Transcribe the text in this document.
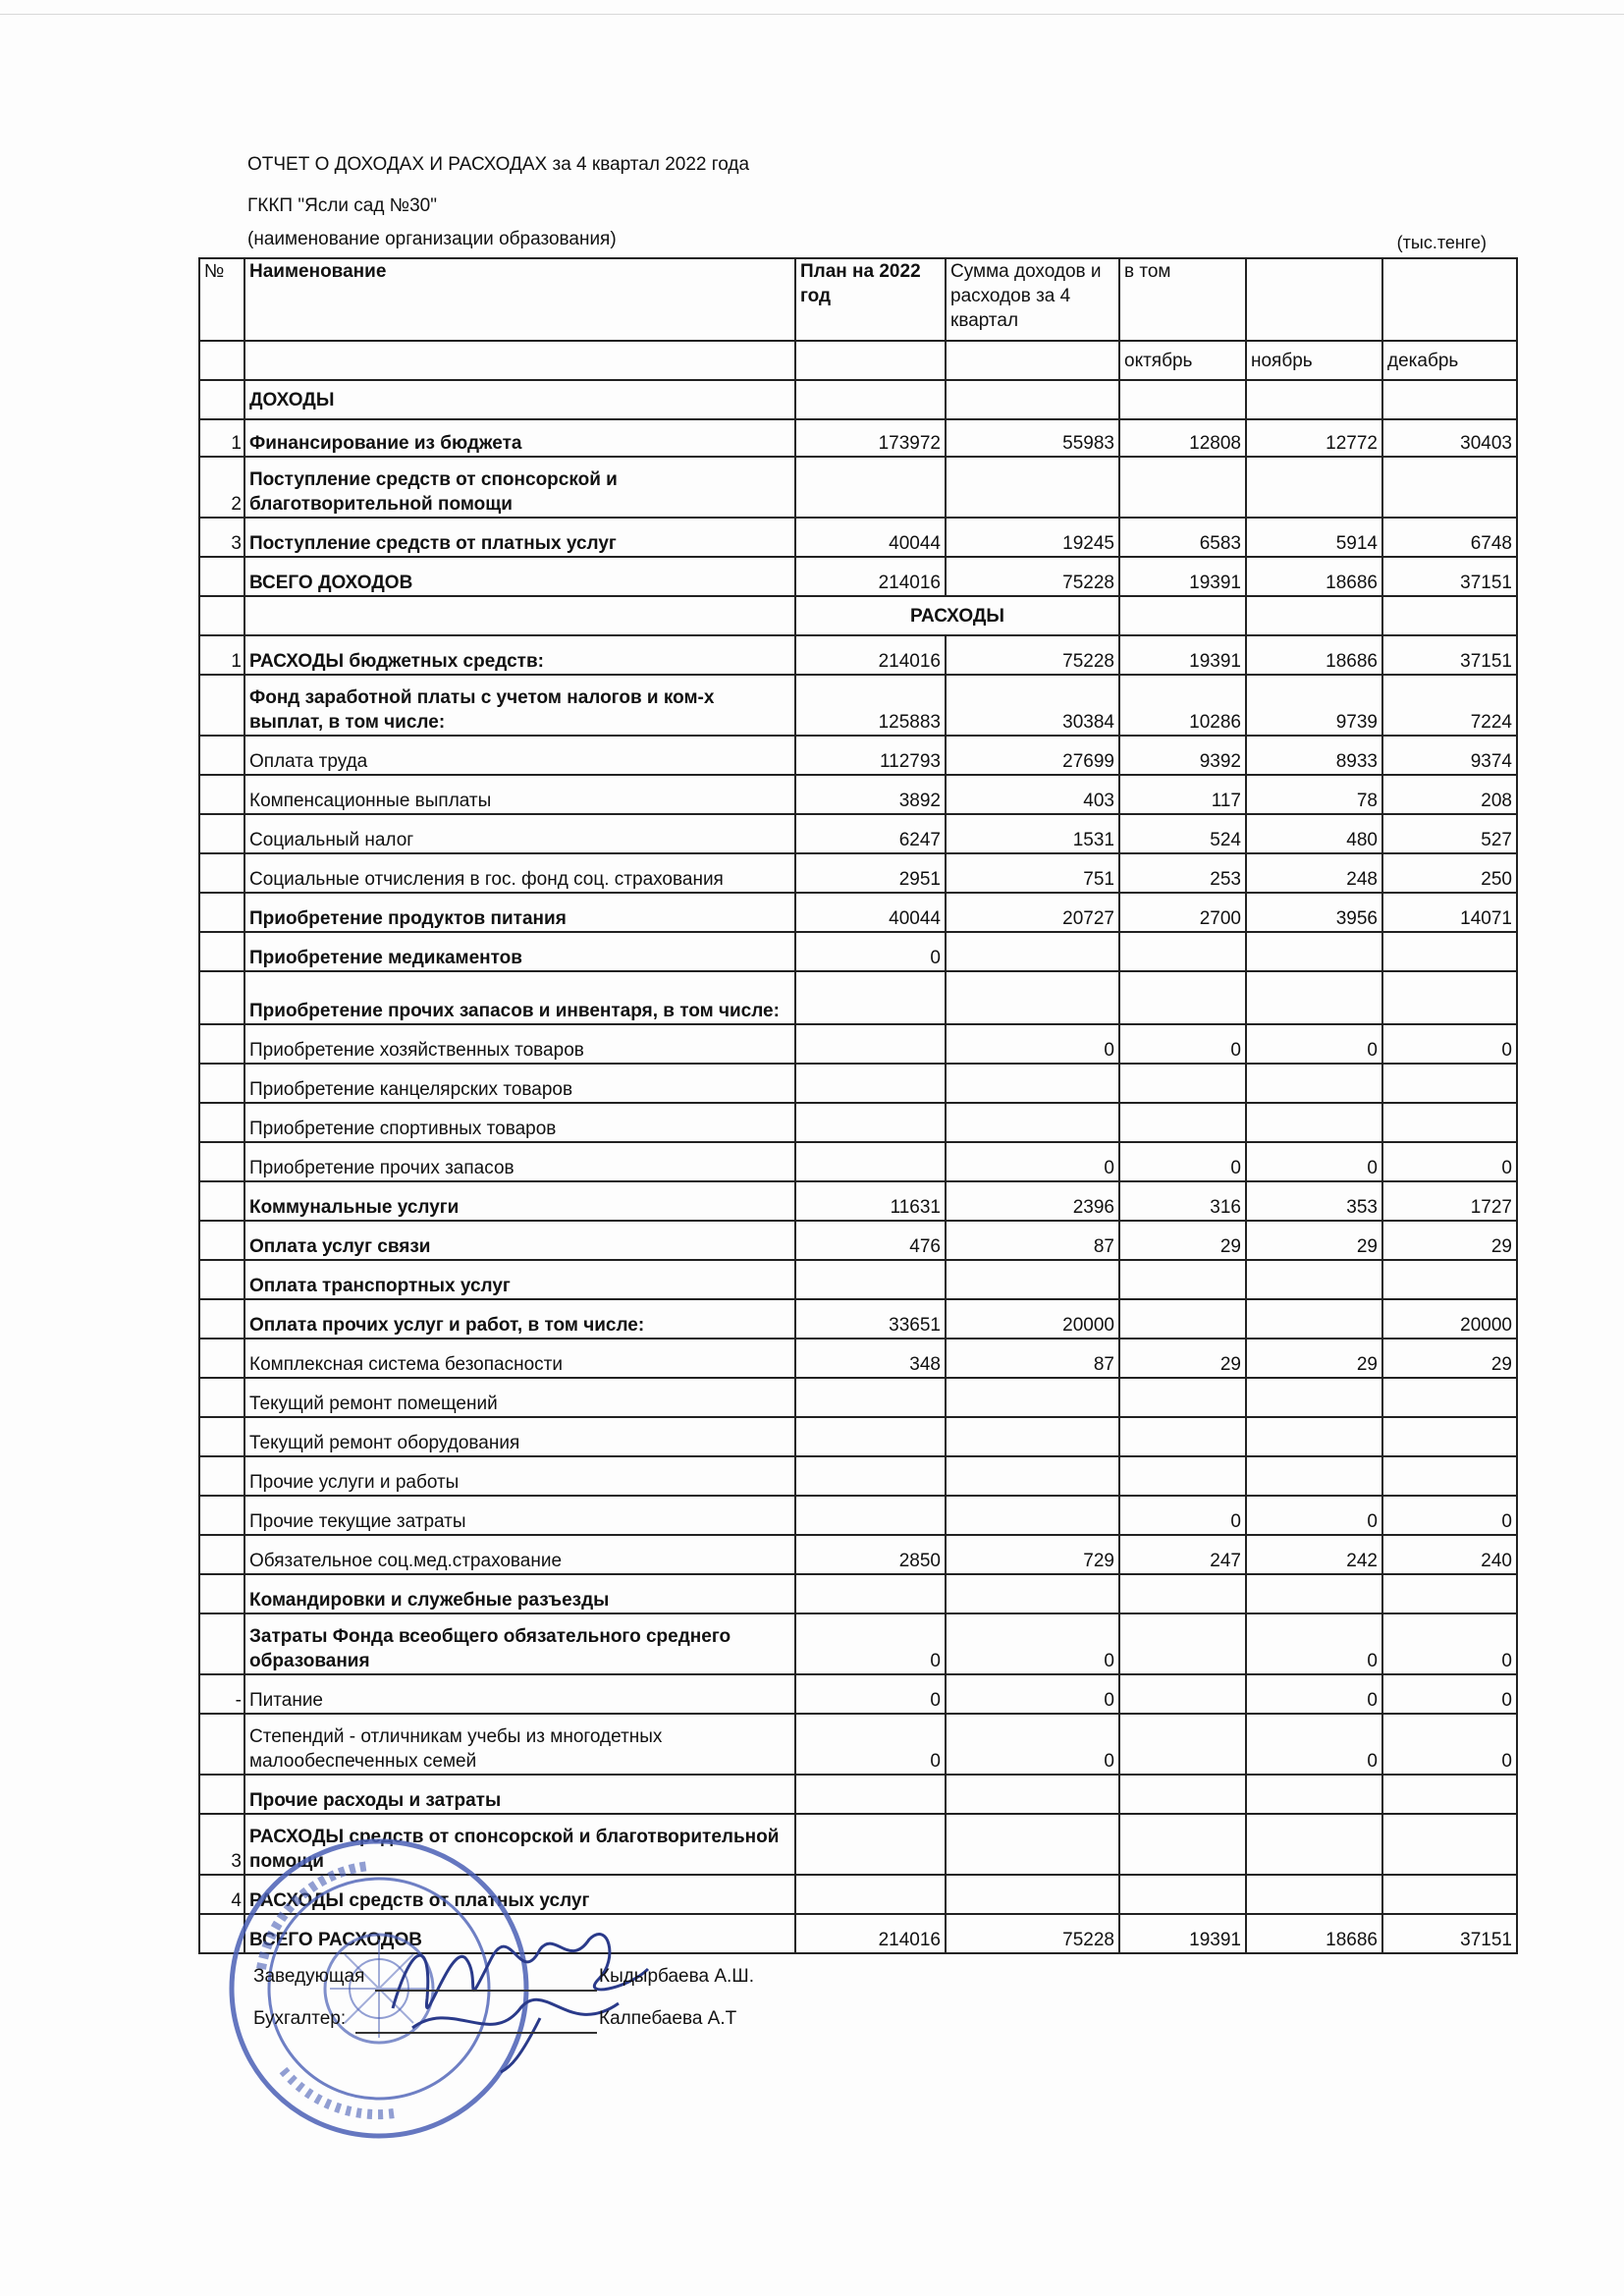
ОТЧЕТ О ДОХОДАХ И РАСХОДАХ за 4 квартал 2022 года
ГККП "Ясли сад №30"
(наименование организации образования)	(тыс.тенге)
№	Наименование	План на 2022 год	Сумма доходов и расходов за 4 квартал	в том		
				октябрь	ноябрь	декабрь
	ДОХОДЫ					
1	Финансирование из бюджета	173972	55983	12808	12772	30403
2	Поступление средств от спонсорской и благотворительной помощи					
3	Поступление средств от платных услуг	40044	19245	6583	5914	6748
	ВСЕГО ДОХОДОВ	214016	75228	19391	18686	37151
		РАСХОДЫ				
1	РАСХОДЫ бюджетных средств:	214016	75228	19391	18686	37151
	Фонд заработной платы с учетом налогов и ком-х выплат, в том числе:	125883	30384	10286	9739	7224
	Оплата труда	112793	27699	9392	8933	9374
	Компенсационные выплаты	3892	403	117	78	208
	Социальный налог	6247	1531	524	480	527
	Социальные отчисления в гос. фонд соц. страхования	2951	751	253	248	250
	Приобретение продуктов питания	40044	20727	2700	3956	14071
	Приобретение медикаментов	0				
	Приобретение прочих запасов и инвентаря, в том числе:					
	Приобретение хозяйственных товаров		0	0	0	0
	Приобретение канцелярских товаров					
	Приобретение спортивных товаров					
	Приобретение прочих запасов		0	0	0	0
	Коммунальные услуги	11631	2396	316	353	1727
	Оплата услуг связи	476	87	29	29	29
	Оплата транспортных услуг					
	Оплата прочих услуг и работ, в том числе:	33651	20000			20000
	Комплексная система безопасности	348	87	29	29	29
	Текущий ремонт помещений					
	Текущий ремонт оборудования					
	Прочие услуги и работы					
	Прочие текущие затраты			0	0	0
	Обязательное соц.мед.страхование	2850	729	247	242	240
	Командировки и служебные разъезды					
	Затраты Фонда всеобщего обязательного среднего образования	0	0		0	0
-	Питание	0	0		0	0
	Степендий - отличникам учебы из многодетных малообеспеченных семей	0	0		0	0
	Прочие расходы и затраты					
3	РАСХОДЫ средств от спонсорской и благотворительной помощи					
4	РАСХОДЫ средств от платных услуг					
	ВСЕГО РАСХОДОВ	214016	75228	19391	18686	37151
Заведующая	Кыдырбаева А.Ш.
Бухгалтер:	Калпебаева А.Т
